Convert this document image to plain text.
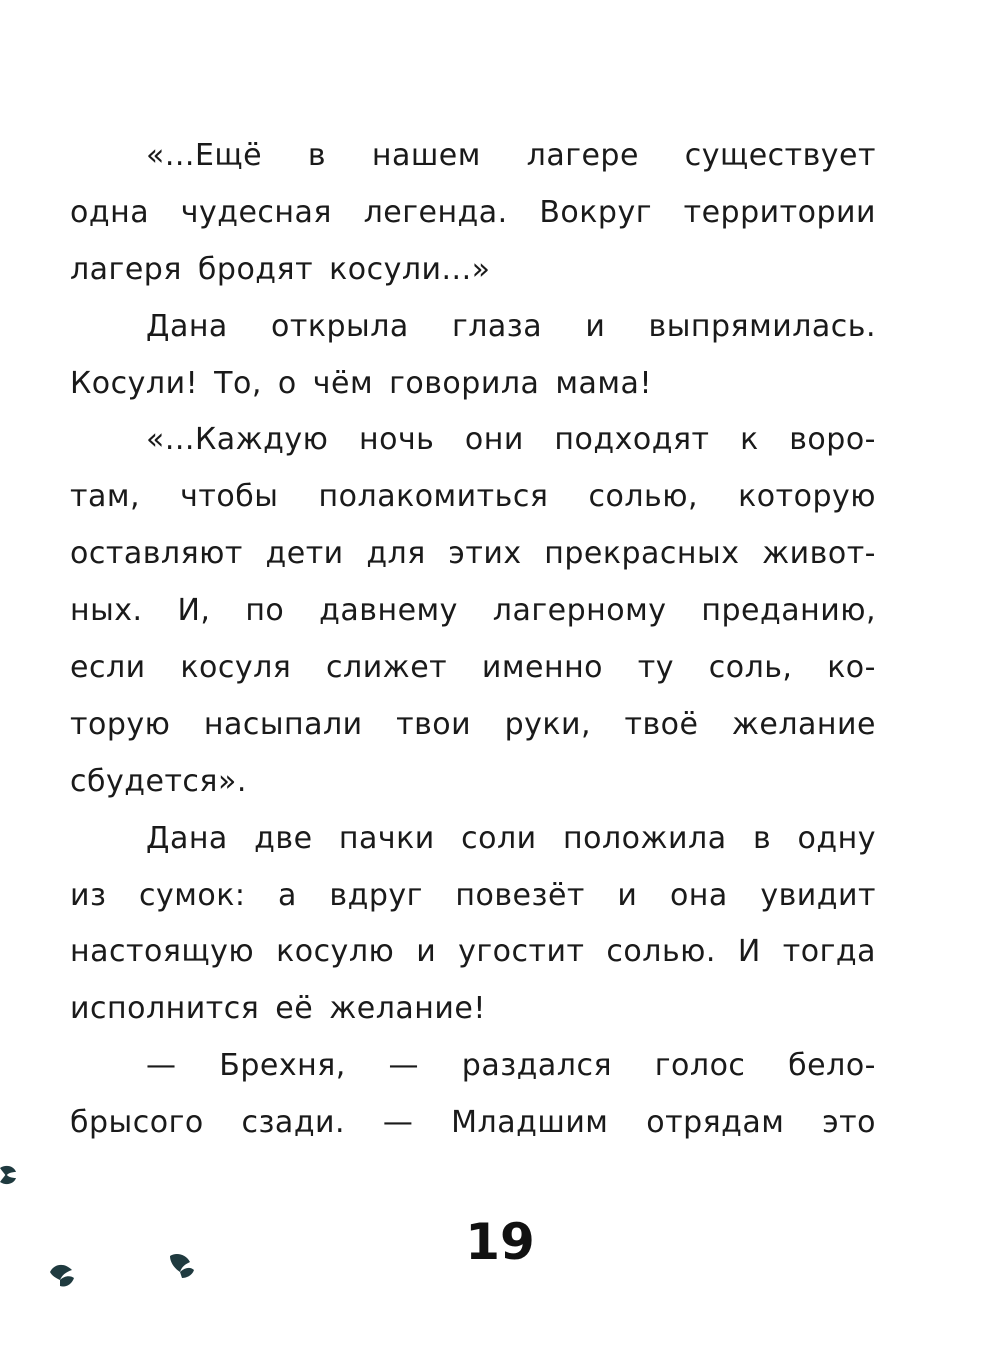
«...Ещё в нашем лагере существует
одна чудесная легенда. Вокруг территории
лагеря бродят косули...»
Дана открыла глаза и выпрямилась.
Косули! То, о чём говорила мама!
«...Каждую ночь они подходят к воро-
там, чтобы полакомиться солью, которую
оставляют дети для этих прекрасных живот-
ных. И, по давнему лагерному преданию,
если косуля слижет именно ту соль, ко-
торую насыпали твои руки, твоё желание
сбудется».
Дана две пачки соли положила в одну
из сумок: а вдруг повезёт и она увидит
настоящую косулю и угостит солью. И тогда
исполнится её желание!
— Брехня, — раздался голос бело-
брысого сзади. — Младшим отрядам это
19
